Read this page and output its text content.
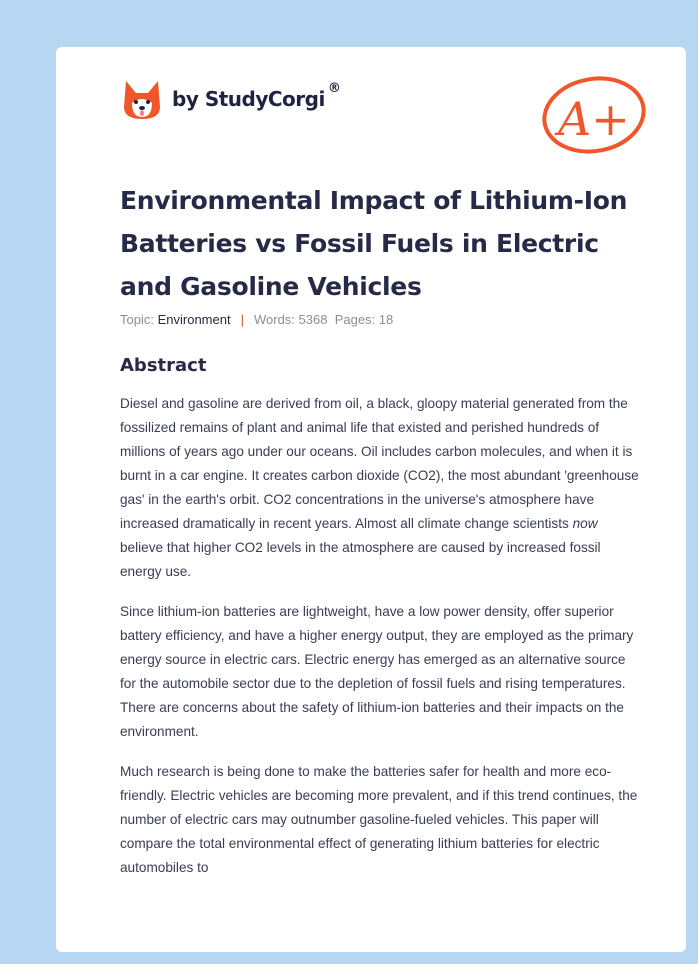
by StudyCorgi ®
A+
Environmental Impact of Lithium-Ion Batteries vs Fossil Fuels in Electric and Gasoline Vehicles
Topic: Environment | Words: 5368 Pages: 18
Abstract

Diesel and gasoline are derived from oil, a black, gloopy material generated from the fossilized remains of plant and animal life that existed and perished hundreds of millions of years ago under our oceans. Oil includes carbon molecules, and when it is burnt in a car engine. It creates carbon dioxide (CO2), the most abundant 'greenhouse gas' in the earth's orbit. CO2 concentrations in the universe's atmosphere have increased dramatically in recent years. Almost all climate change scientists now believe that higher CO2 levels in the atmosphere are caused by increased fossil energy use.

Since lithium-ion batteries are lightweight, have a low power density, offer superior battery efficiency, and have a higher energy output, they are employed as the primary energy source in electric cars. Electric energy has emerged as an alternative source for the automobile sector due to the depletion of fossil fuels and rising temperatures. There are concerns about the safety of lithium-ion batteries and their impacts on the environment.

Much research is being done to make the batteries safer for health and more eco-friendly. Electric vehicles are becoming more prevalent, and if this trend continues, the number of electric cars may outnumber gasoline-fueled vehicles. This paper will compare the total environmental effect of generating lithium batteries for electric automobiles to
